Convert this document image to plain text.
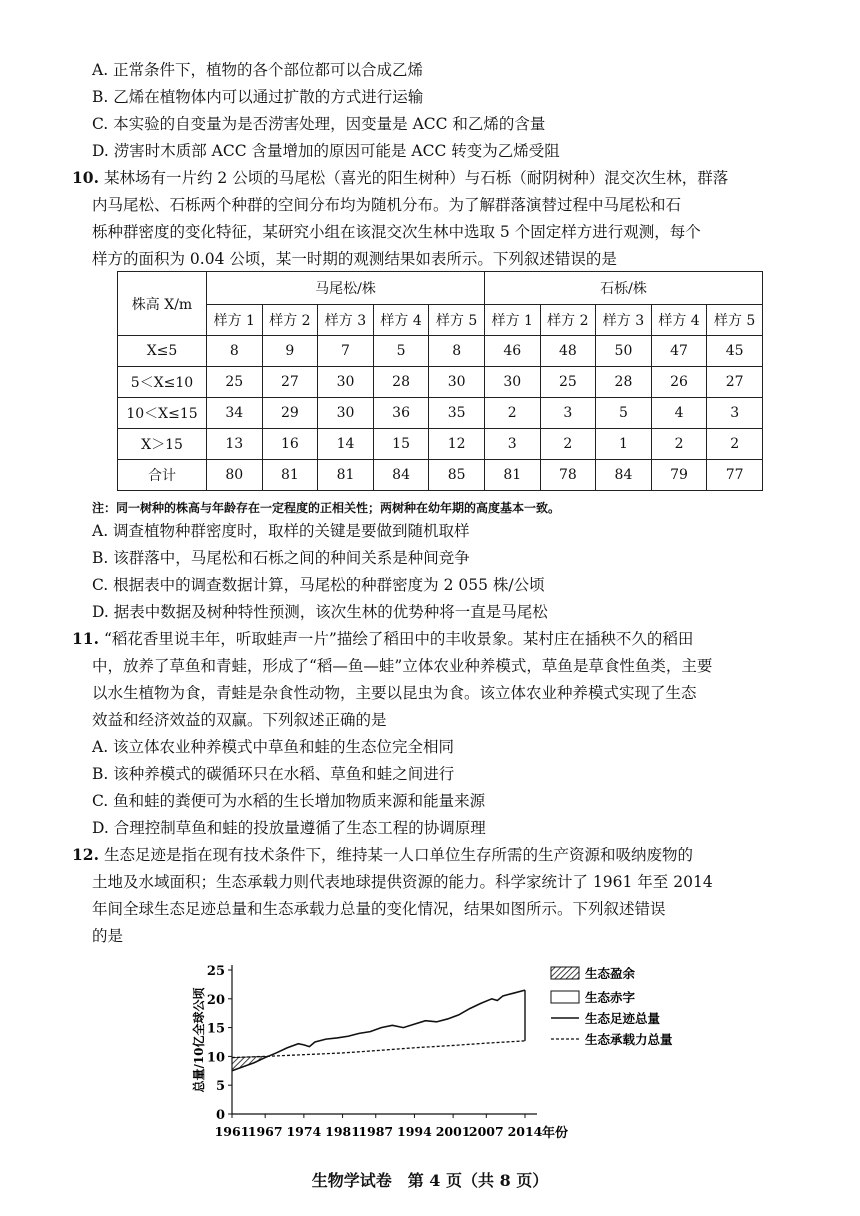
A. 正常条件下，植物的各个部位都可以合成乙烯
B. 乙烯在植物体内可以通过扩散的方式进行运输
C. 本实验的自变量为是否涝害处理，因变量是 ACC 和乙烯的含量
D. 涝害时木质部 ACC 含量增加的原因可能是 ACC 转变为乙烯受阻
10. 某林场有一片约 2 公顷的马尾松（喜光的阳生树种）与石栎（耐阴树种）混交次生林，群落
内马尾松、石栎两个种群的空间分布均为随机分布。为了解群落演替过程中马尾松和石
栎种群密度的变化特征，某研究小组在该混交次生林中选取 5 个固定样方进行观测，每个
样方的面积为 0.04 公顷，某一时期的观测结果如表所示。下列叙述错误的是
株高 X/m	马尾松/株					石栎/株				
	样方 1	样方 2	样方 3	样方 4	样方 5	样方 1	样方 2	样方 3	样方 4	样方 5
X≤5	8	9	7	5	8	46	48	50	47	45
5＜X≤10	25	27	30	28	30	30	25	28	26	27
10＜X≤15	34	29	30	36	35	2	3	5	4	3
X＞15	13	16	14	15	12	3	2	1	2	2
合计	80	81	81	84	85	81	78	84	79	77
注：同一树种的株高与年龄存在一定程度的正相关性；两树种在幼年期的高度基本一致。
A. 调查植物种群密度时，取样的关键是要做到随机取样
B. 该群落中，马尾松和石栎之间的种间关系是种间竞争
C. 根据表中的调查数据计算，马尾松的种群密度为 2 055 株/公顷
D. 据表中数据及树种特性预测，该次生林的优势种将一直是马尾松
11. “稻花香里说丰年，听取蛙声一片”描绘了稻田中的丰收景象。某村庄在插秧不久的稻田
中，放养了草鱼和青蛙，形成了“稻—鱼—蛙”立体农业种养模式，草鱼是草食性鱼类，主要
以水生植物为食，青蛙是杂食性动物，主要以昆虫为食。该立体农业种养模式实现了生态
效益和经济效益的双赢。下列叙述正确的是
A. 该立体农业种养模式中草鱼和蛙的生态位完全相同
B. 该种养模式的碳循环只在水稻、草鱼和蛙之间进行
C. 鱼和蛙的粪便可为水稻的生长增加物质来源和能量来源
D. 合理控制草鱼和蛙的投放量遵循了生态工程的协调原理
12. 生态足迹是指在现有技术条件下，维持某一人口单位生存所需的生产资源和吸纳废物的
土地及水域面积；生态承载力则代表地球提供资源的能力。科学家统计了 1961 年至 2014
年间全球生态足迹总量和生态承载力总量的变化情况，结果如图所示。下列叙述错误
的是
总量/10亿全球公顷
年份
生态盈余
生态赤字
生态足迹总量
生态承载力总量
0
5
10
15
20
25
1961
1967 1974 1981
1987 1994 2001
2007 2014
生物学试卷　第 4 页（共 8 页）
